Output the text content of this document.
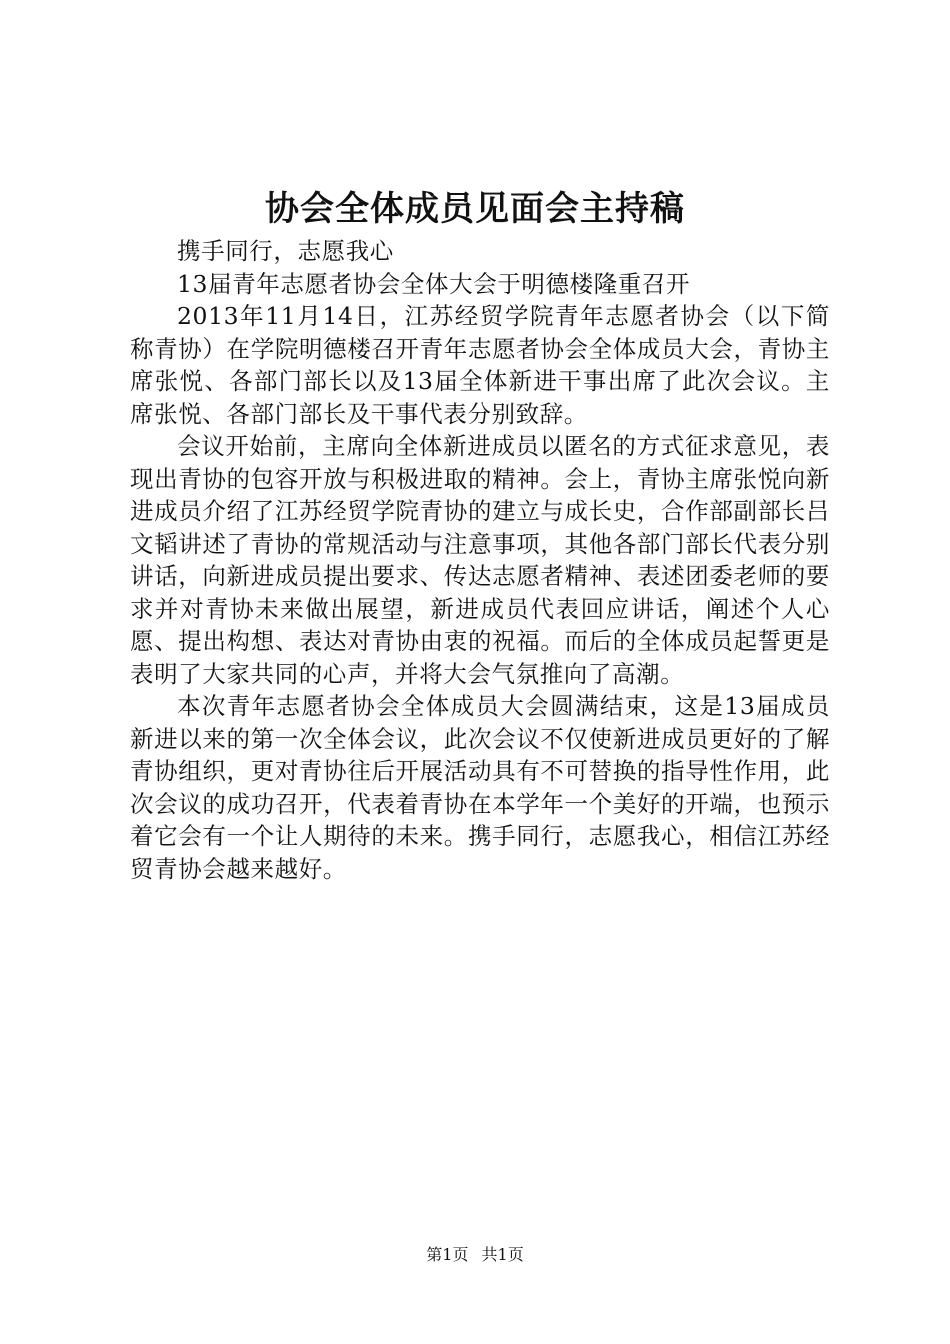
协会全体成员见面会主持稿

携手同行，志愿我心

13届青年志愿者协会全体大会于明德楼隆重召开

2013年11月14日，江苏经贸学院青年志愿者协会（以下简称青协）在学院明德楼召开青年志愿者协会全体成员大会，青协主席张悦、各部门部长以及13届全体新进干事出席了此次会议。主席张悦、各部门部长及干事代表分别致辞。

会议开始前，主席向全体新进成员以匿名的方式征求意见，表现出青协的包容开放与积极进取的精神。会上，青协主席张悦向新进成员介绍了江苏经贸学院青协的建立与成长史，合作部副部长吕文韬讲述了青协的常规活动与注意事项，其他各部门部长代表分别讲话，向新进成员提出要求、传达志愿者精神、表述团委老师的要求并对青协未来做出展望，新进成员代表回应讲话，阐述个人心愿、提出构想、表达对青协由衷的祝福。而后的全体成员起誓更是表明了大家共同的心声，并将大会气氛推向了高潮。

本次青年志愿者协会全体成员大会圆满结束，这是13届成员新进以来的第一次全体会议，此次会议不仅使新进成员更好的了解青协组织，更对青协往后开展活动具有不可替换的指导性作用，此次会议的成功召开，代表着青协在本学年一个美好的开端，也预示着它会有一个让人期待的未来。携手同行，志愿我心，相信江苏经贸青协会越来越好。

第1页 共1页
